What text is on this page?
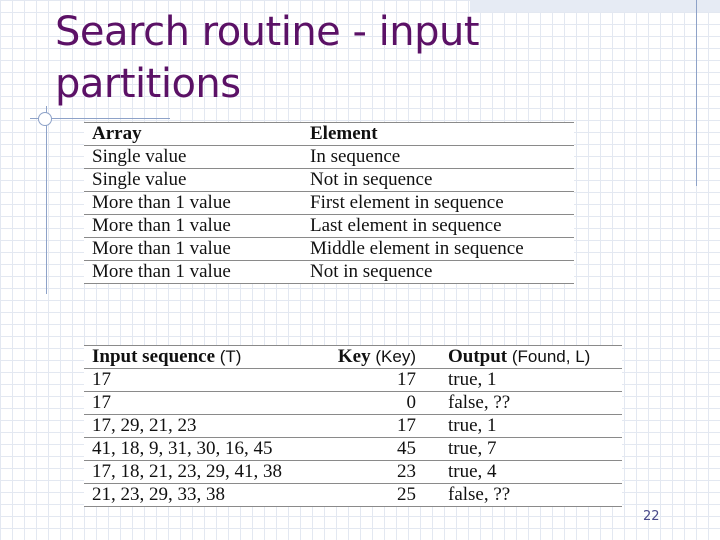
Search routine - input partitions
Array	Element
Single value	In sequence
Single value	Not in sequence
More than 1 value	First element in sequence
More than 1 value	Last element in sequence
More than 1 value	Middle element in sequence
More than 1 value	Not in sequence
Input sequence (T)	Key (Key)	Output (Found, L)
17	17	true, 1
17	0	false, ??
17, 29, 21, 23	17	true, 1
41, 18, 9, 31, 30, 16, 45	45	true, 7
17, 18, 21, 23, 29, 41, 38	23	true, 4
21, 23, 29, 33, 38	25	false, ??
22
